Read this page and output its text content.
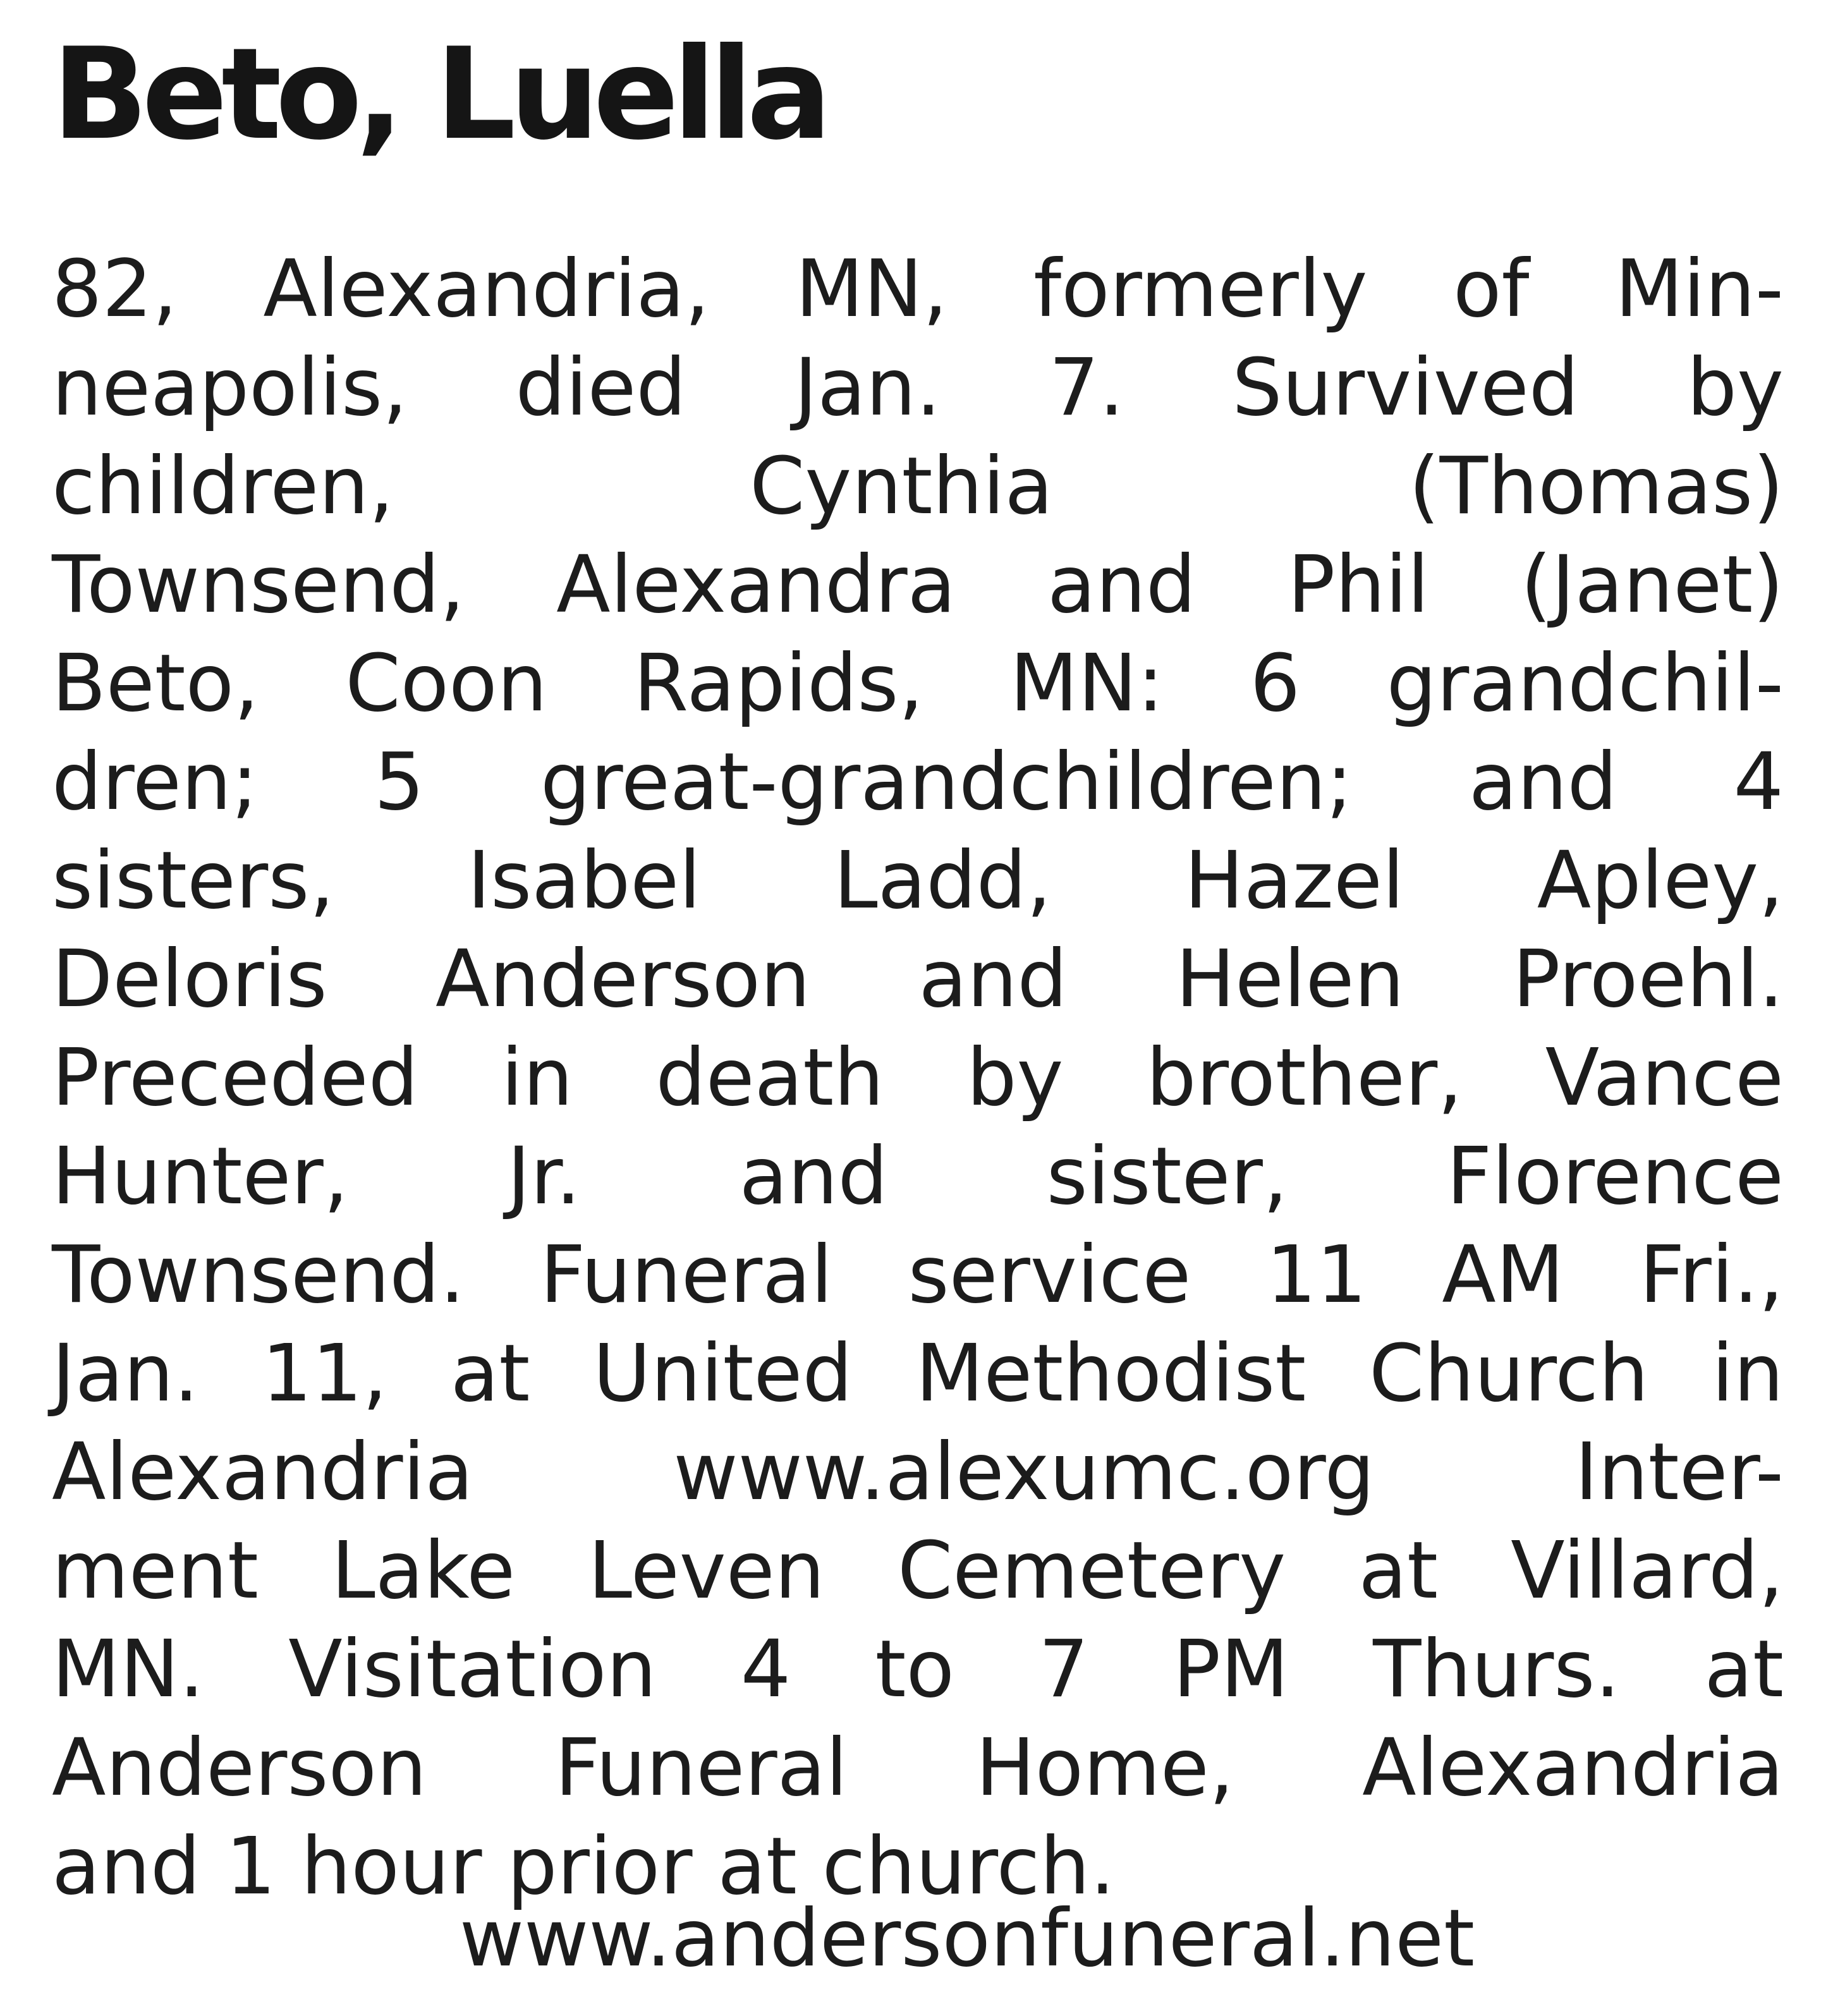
Beto, Luella
82, Alexandria, MN, formerly of Min-
neapolis, died Jan. 7. Survived by
children, Cynthia (Thomas)
Townsend, Alexandra and Phil (Janet)
Beto, Coon Rapids, MN: 6 grandchil-
dren; 5 great-grandchildren; and 4
sisters, Isabel Ladd, Hazel Apley,
Deloris Anderson and Helen Proehl.
Preceded in death by brother, Vance
Hunter, Jr. and sister, Florence
Townsend. Funeral service 11 AM Fri.,
Jan. 11, at United Methodist Church in
Alexandria www.alexumc.org Inter-
ment Lake Leven Cemetery at Villard,
MN. Visitation 4 to 7 PM Thurs. at
Anderson Funeral Home, Alexandria
and 1 hour prior at church.
www.andersonfuneral.net
